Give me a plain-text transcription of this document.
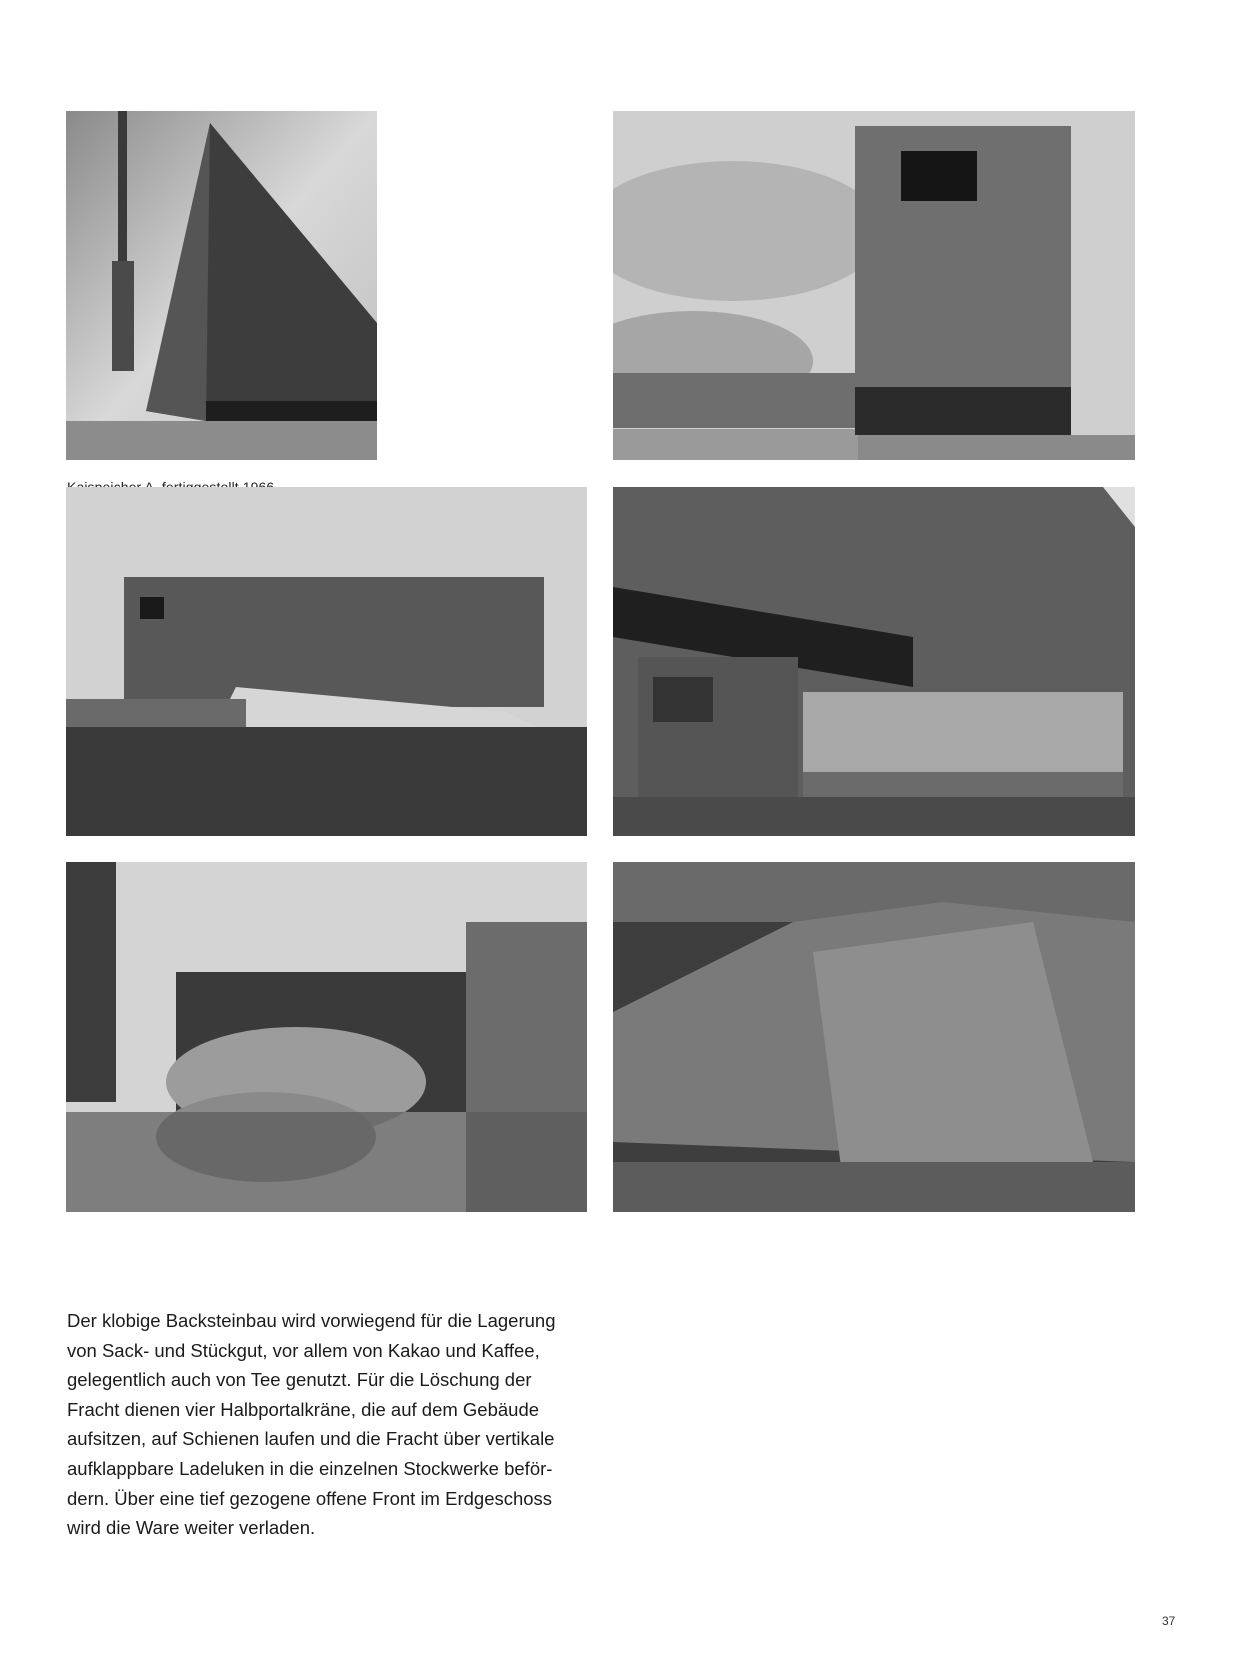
Der klobige Backsteinbau wird vorwiegend für die Lagerung

von Sack- und Stückgut, vor allem von Kakao und Kaffee,

gelegentlich auch von Tee genutzt. Für die Löschung der

Fracht dienen vier Halbportalkräne, die auf dem Gebäude

aufsitzen, auf Schienen laufen und die Fracht über vertikale

aufklappbare Ladeluken in die einzelnen Stockwerke beför-

dern. Über eine tief gezogene offene Front im Erdgeschoss

wird die Ware weiter verladen.

37
